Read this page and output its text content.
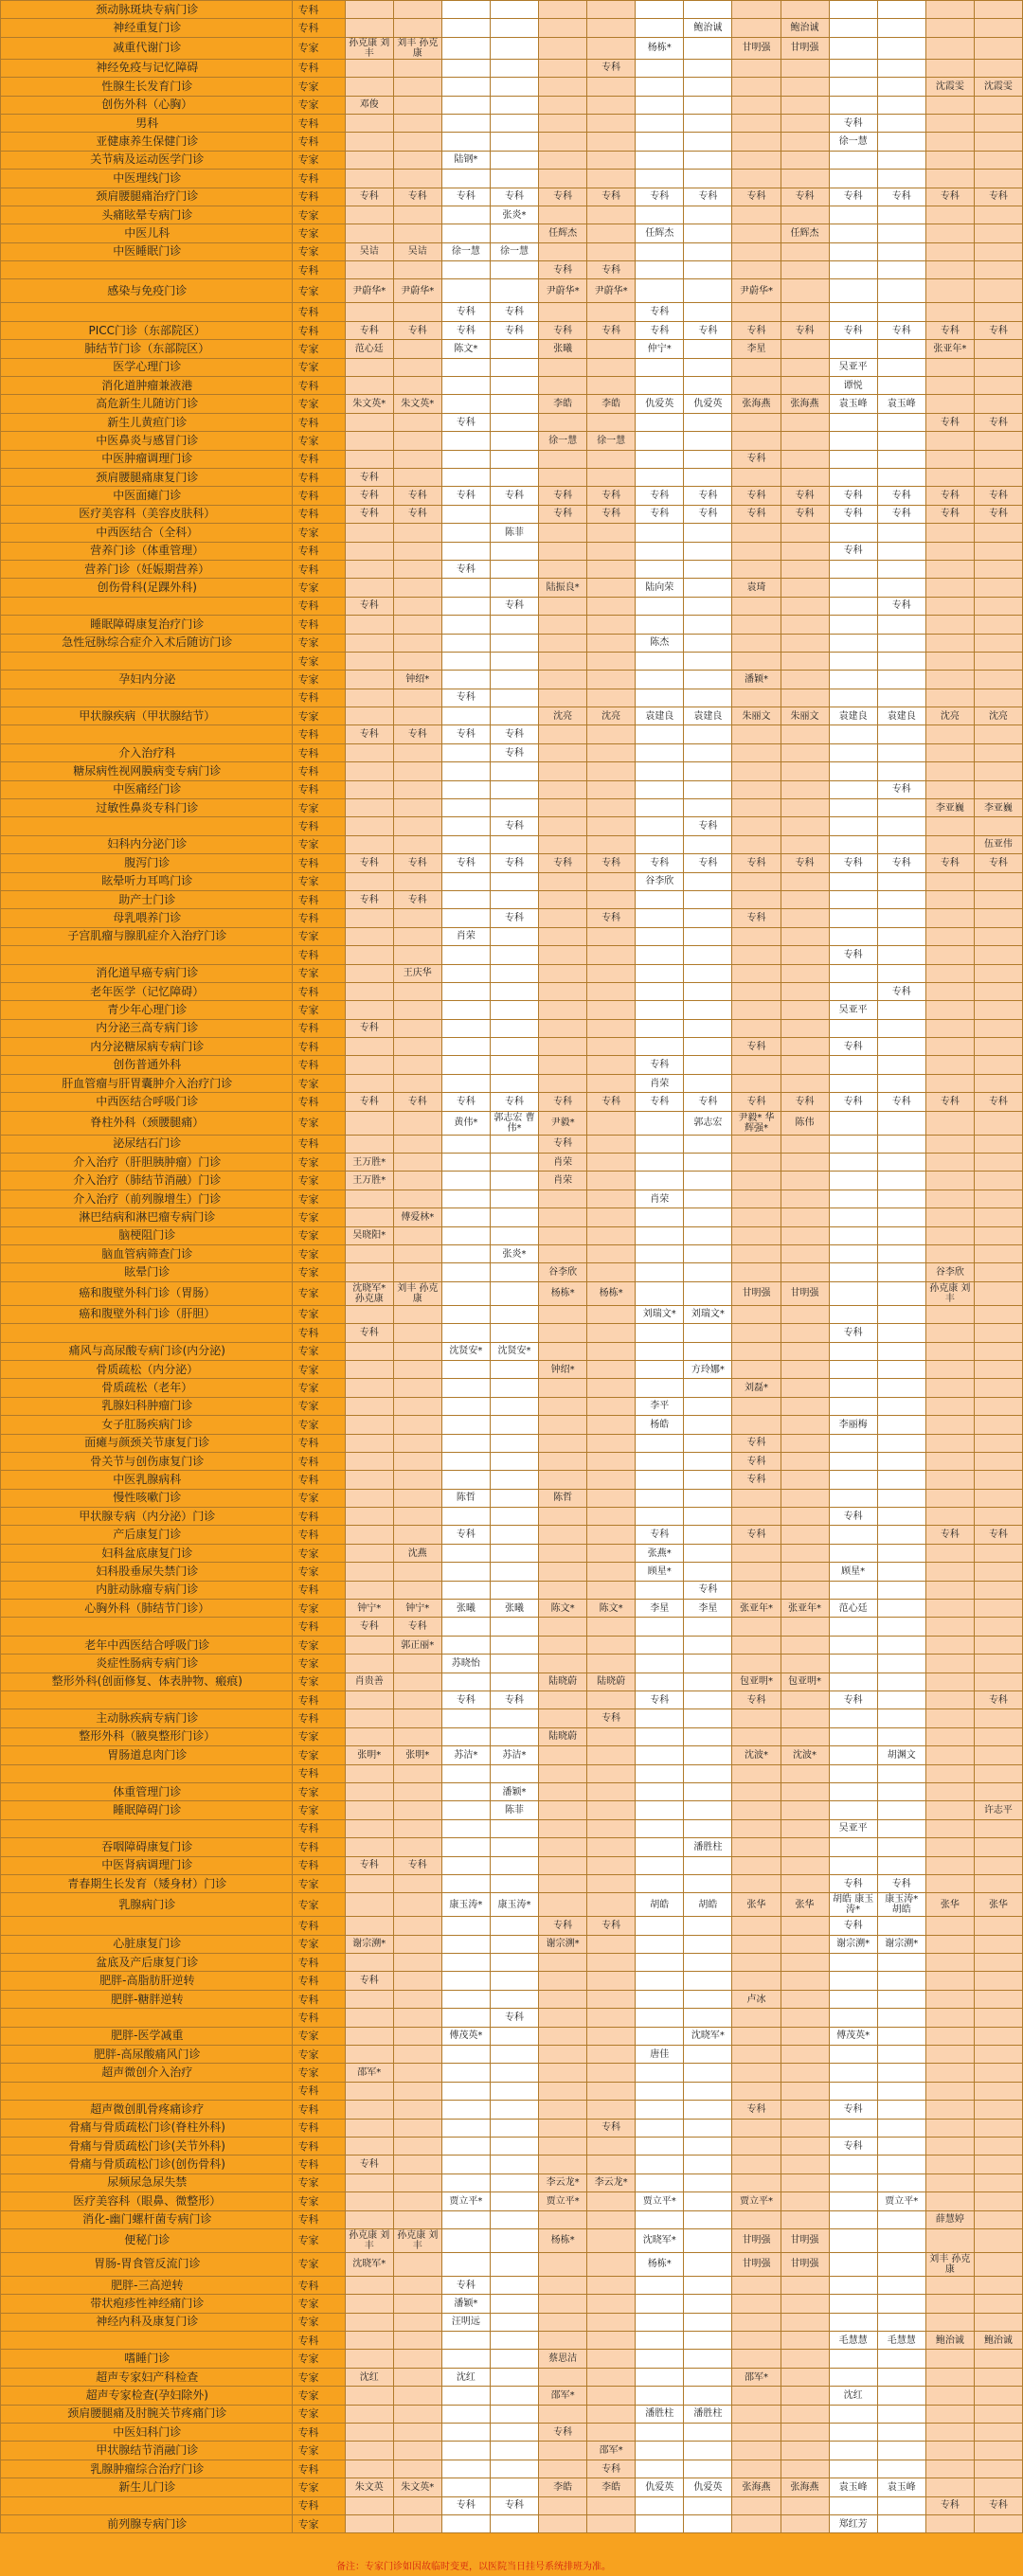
颈动脉斑块专病门诊	专科														
神经重复门诊	专科								鲍治诚		鲍治诚				
减重代谢门诊	专家	孙克康 刘丰	刘丰 孙克康					杨栋*		甘明强	甘明强				
神经免疫与记忆障碍	专科						专科								
性腺生长发育门诊	专家													沈霞雯	沈霞雯
创伤外科（心胸）	专家	邓俊													
男科	专科											专科			
亚健康养生保健门诊	专科											徐一慧			
关节病及运动医学门诊	专家			陆钢*											
中医理线门诊	专科														
颈肩腰腿痛治疗门诊	专科	专科	专科	专科	专科	专科	专科	专科	专科	专科	专科	专科	专科	专科	专科
头痛眩晕专病门诊	专家				张炎*										
中医儿科	专家					任辉杰		任辉杰			任辉杰				
中医睡眠门诊	专家	吴诘	吴诘	徐一慧	徐一慧										
	专科					专科	专科								
感染与免疫门诊	专家	尹蔚华*	尹蔚华*			尹蔚华*	尹蔚华*			尹蔚华*					
	专科			专科	专科			专科							
PICC门诊（东部院区）	专科	专科	专科	专科	专科	专科	专科	专科	专科	专科	专科	专科	专科	专科	专科
肺结节门诊（东部院区）	专家	范心廷		陈文*		张曦		仲宁*		李星				张亚年*	
医学心理门诊	专家											吴亚平			
消化道肿瘤兼液港	专科											谭悦			
高危新生儿随访门诊	专家	朱文英*	朱文英*			李皓	李皓	仇爱英	仇爱英	张海燕	张海燕	袁玉峰	袁玉峰		
新生儿黄疸门诊	专科			专科										专科	专科
中医鼻炎与感冒门诊	专家					徐一慧	徐一慧								
中医肿瘤调理门诊	专科									专科					
颈肩腰腿痛康复门诊	专科	专科													
中医面瘫门诊	专科	专科	专科	专科	专科	专科	专科	专科	专科	专科	专科	专科	专科	专科	专科
医疗美容科（美容皮肤科）	专科	专科	专科			专科	专科	专科	专科	专科	专科	专科	专科	专科	专科
中西医结合（全科）	专家				陈菲										
营养门诊（体重管理）	专科											专科			
营养门诊（妊娠期营养）	专科			专科											
创伤骨科(足踝外科)	专家					陆振良*		陆向荣		袁琦					
	专科	专科			专科								专科		
睡眠障碍康复治疗门诊	专科														
急性冠脉综合症介入术后随访门诊	专家							陈杰							
	专家														
孕妇内分泌	专家		钟绍*							潘颖*					
	专科			专科											
甲状腺疾病（甲状腺结节）	专家					沈亮	沈亮	袁建良	袁建良	朱丽文	朱丽文	袁建良	袁建良	沈亮	沈亮
	专科	专科	专科	专科	专科										
介入治疗科	专科				专科										
糖尿病性视网膜病变专病门诊	专科														
中医痛经门诊	专科												专科		
过敏性鼻炎专科门诊	专家													李亚巍	李亚巍
	专科				专科				专科						
妇科内分泌门诊	专家														伍亚伟
腹泻门诊	专科	专科	专科	专科	专科	专科	专科	专科	专科	专科	专科	专科	专科	专科	专科
眩晕听力耳鸣门诊	专家							谷李欣							
助产士门诊	专科	专科	专科												
母乳喂养门诊	专科				专科		专科			专科					
子宫肌瘤与腺肌症介入治疗门诊	专家			肖荣											
	专科											专科			
消化道早癌专病门诊	专家		王庆华												
老年医学（记忆障碍）	专科												专科		
青少年心理门诊	专家											吴亚平			
内分泌三高专病门诊	专科	专科													
内分泌糖尿病专病门诊	专科									专科		专科			
创伤普通外科	专科							专科							
肝血管瘤与肝胃囊肿介入治疗门诊	专家							肖荣							
中西医结合呼吸门诊	专科	专科	专科	专科	专科	专科	专科	专科	专科	专科	专科	专科	专科	专科	专科
脊柱外科（颈腰腿痛）	专家			黄伟*	郭志宏 曹伟*	尹毅*			郭志宏	尹毅* 华辉强*	陈伟				
泌尿结石门诊	专科					专科									
介入治疗（肝胆胰肿瘤）门诊	专家	王万胜*				肖荣									
介入治疗（肺结节消融）门诊	专家	王万胜*				肖荣									
介入治疗（前列腺增生）门诊	专家							肖荣							
淋巴结病和淋巴瘤专病门诊	专家		傅爱林*												
脑梗阻门诊	专家	吴晓阳*													
脑血管病筛查门诊	专家				张炎*										
眩晕门诊	专家					谷李欣								谷李欣	
癌和腹壁外科门诊（胃肠）	专家	沈晓军* 孙克康	刘丰 孙克康			杨栋*	杨栋*			甘明强	甘明强			孙克康 刘丰	
癌和腹壁外科门诊（肝胆）	专家							刘瑞文*	刘瑞文*						
	专科	专科										专科			
痛风与高尿酸专病门诊(内分泌)	专家			沈贤安*	沈贤安*										
骨质疏松（内分泌）	专家					钟绍*			方玲娜*						
骨质疏松（老年）	专家									刘磊*					
乳腺妇科肿瘤门诊	专家							李平							
女子肛肠疾病门诊	专家							杨皓				李丽梅			
面瘫与颜颈关节康复门诊	专科									专科					
骨关节与创伤康复门诊	专科									专科					
中医乳腺病科	专科									专科					
慢性咳嗽门诊	专家			陈哲		陈哲									
甲状腺专病（内分泌）门诊	专科											专科			
产后康复门诊	专科			专科				专科		专科				专科	专科
妇科盆底康复门诊	专家		沈燕					张燕*							
妇科股垂尿失禁门诊	专家							顾星*				顾星*			
内脏动脉瘤专病门诊	专科								专科						
心胸外科（肺结节门诊）	专家	钟宁*	钟宁*	张曦	张曦	陈文*	陈文*	李星	李星	张亚年*	张亚年*	范心廷			
	专科	专科	专科												
老年中西医结合呼吸门诊	专家		郭正丽*												
炎症性肠病专病门诊	专家			苏晓怡											
整形外科(创面修复、体表肿物、瘢痕)	专家	肖贵善				陆晓蔚	陆晓蔚			包亚明*	包亚明*				
	专科			专科	专科			专科		专科		专科			专科
主动脉疾病专病门诊	专科						专科								
整形外科（腋臭整形门诊）	专家					陆晓蔚									
胃肠道息肉门诊	专家	张明*	张明*	苏洁*	苏洁*					沈波*	沈波*		胡渊文		
	专科														
体重管理门诊	专家				潘颖*										
睡眠障碍门诊	专家				陈菲										许志平
	专科											吴亚平			
吞咽障碍康复门诊	专科								潘胜柱						
中医肾病调理门诊	专科	专科	专科												
青春期生长发育（矮身材）门诊	专家											专科	专科		
乳腺病门诊	专家			康玉涛*	康玉涛*			胡皓	胡皓	张华	张华	胡皓 康玉涛*	康玉涛* 胡皓	张华	张华
	专科					专科	专科					专科			
心脏康复门诊	专家	谢宗溯*				谢宗溯*						谢宗溯*	谢宗溯*		
盆底及产后康复门诊	专科														
肥胖-高脂肪肝逆转	专科	专科													
肥胖-糖胖逆转	专科									卢冰					
	专科				专科										
肥胖-医学减重	专家			傅茂英*					沈晓军*			傅茂英*			
肥胖-高尿酸痛风门诊	专家							唐佳							
超声微创介入治疗	专家	邵军*													
	专科														
超声微创肌骨疼痛诊疗	专科									专科		专科			
骨痛与骨质疏松门诊(脊柱外科)	专科						专科								
骨痛与骨质疏松门诊(关节外科)	专科											专科			
骨痛与骨质疏松门诊(创伤骨科)	专科	专科													
尿频尿急尿失禁	专家					李云龙*	李云龙*								
医疗美容科（眼鼻、微整形）	专家			贾立平*		贾立平*		贾立平*		贾立平*			贾立平*		
消化-幽门螺杆菌专病门诊	专科													薛慧婷	
便秘门诊	专家	孙克康 刘丰	孙克康 刘丰			杨栋*		沈晓军*		甘明强	甘明强				
胃肠-胃食管反流门诊	专家	沈晓军*						杨栋*		甘明强	甘明强			刘丰 孙克康	
肥胖-三高逆转	专科			专科											
带状疱疹性神经痛门诊	专家			潘颖*											
神经内科及康复门诊	专家			汪明远											
	专科											毛慧慧	毛慧慧	鲍治诚	鲍治诚
嗜睡门诊	专家					蔡思洁									
超声专家妇产科检查	专家	沈红		沈红						邵军*					
超声专家检查(孕妇除外)	专家					邵军*						沈红			
颈肩腰腿痛及肘腕关节疼痛门诊	专家							潘胜柱	潘胜柱						
中医妇科门诊	专科					专科									
甲状腺结节消融门诊	专家						邵军*								
乳腺肿瘤综合治疗门诊	专科						专科								
新生儿门诊	专家	朱文英	朱文英*			李皓	李皓	仇爱英	仇爱英	张海燕	张海燕	袁玉峰	袁玉峰		
	专科			专科	专科									专科	专科
前列腺专病门诊	专家											郑红芳			
备注：专家门诊如因故临时变更，以医院当日挂号系统排班为准。
